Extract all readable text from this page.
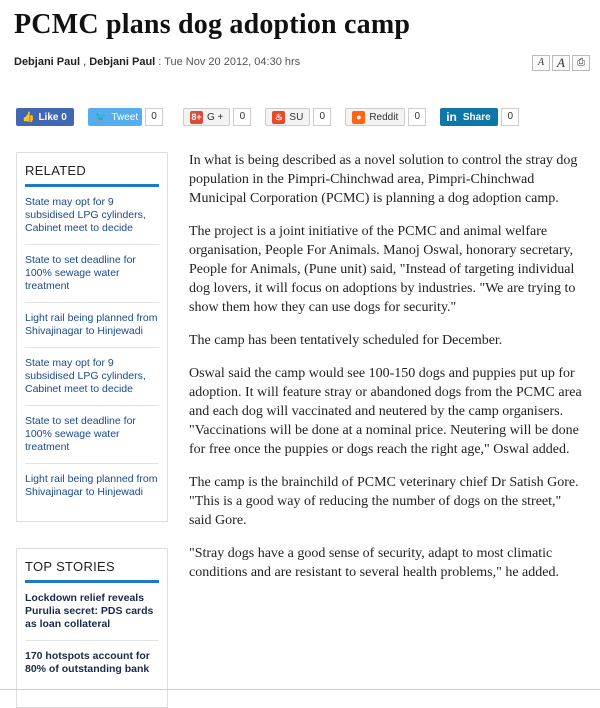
PCMC plans dog adoption camp
Debjani Paul , Debjani Paul : Tue Nov 20 2012, 04:30 hrs	A A	⎙
👍 Like 0	🐦 Tweet	0	8+ G +	0	♨ SU	0	● Reddit	0	in Share	0
RELATED
State may opt for 9 subsidised LPG cylinders, Cabinet meet to decide
State to set deadline for 100% sewage water treatment
Light rail being planned from Shivajinagar to Hinjewadi
State may opt for 9 subsidised LPG cylinders, Cabinet meet to decide
State to set deadline for 100% sewage water treatment
Light rail being planned from Shivajinagar to Hinjewadi
TOP STORIES
Lockdown relief reveals Purulia secret: PDS cards as loan collateral
170 hotspots account for 80% of outstanding bank

In what is being described as a novel solution to control the stray dog population in the Pimpri-Chinchwad area, Pimpri-Chinchwad Municipal Corporation (PCMC) is planning a dog adoption camp.

The project is a joint initiative of the PCMC and animal welfare organisation, People For Animals. Manoj Oswal, honorary secretary, People for Animals, (Pune unit) said, "Instead of targeting individual dog lovers, it will focus on adoptions by industries. "We are trying to show them how they can use dogs for security."

The camp has been tentatively scheduled for December.

Oswal said the camp would see 100-150 dogs and puppies put up for adoption. It will feature stray or abandoned dogs from the PCMC area and each dog will vaccinated and neutered by the camp organisers. "Vaccinations will be done at a nominal price. Neutering will be done for free once the puppies or dogs reach the right age," Oswal added.

The camp is the brainchild of PCMC veterinary chief Dr Satish Gore. "This is a good way of reducing the number of dogs on the street," said Gore.

"Stray dogs have a good sense of security, adapt to most climatic conditions and are resistant to several health problems," he added.
